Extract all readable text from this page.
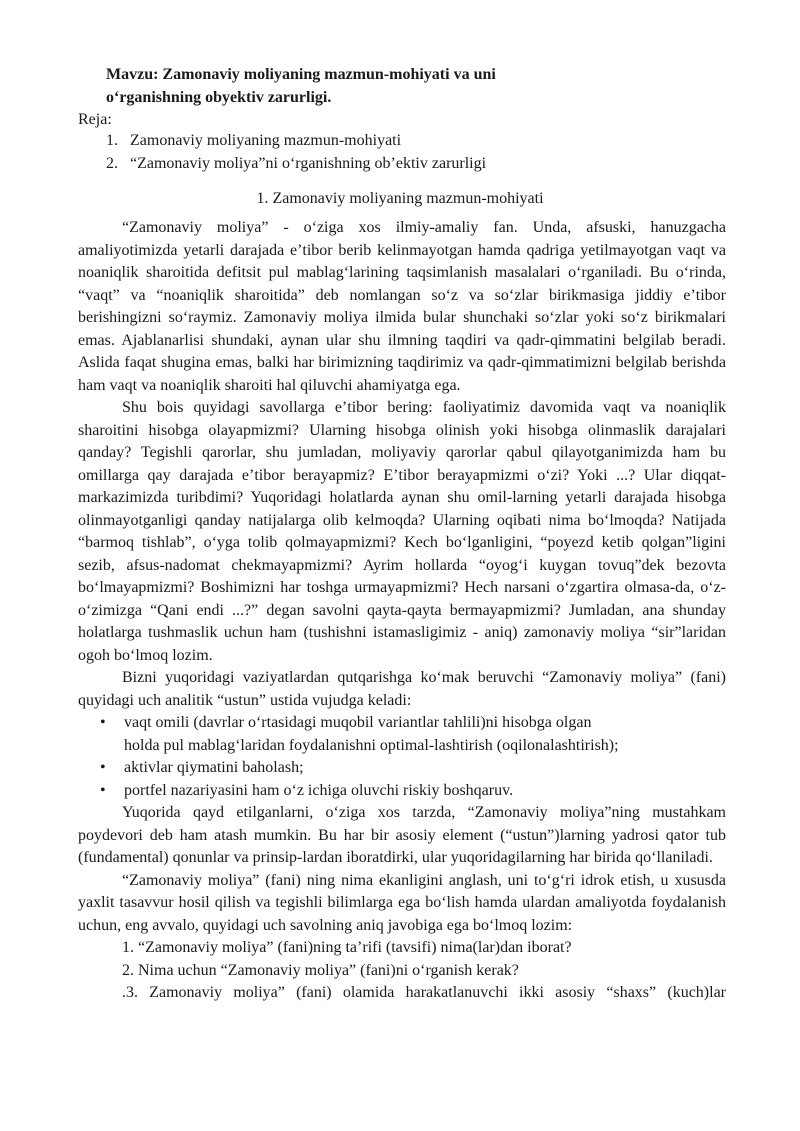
Mavzu: Zamonaviy moliyaning mazmun-mohiyati va uni
oʻrganishning obyektiv zarurligi.
Reja:
1. Zamonaviy moliyaning mazmun-mohiyati
2. “Zamonaviy moliya”ni oʻrganishning obʼektiv zarurligi
1. Zamonaviy moliyaning mazmun-mohiyati

“Zamonaviy moliya” - oʻziga xos ilmiy-amaliy fan. Unda, afsuski, hanuzgacha amaliyotimizda yetarli darajada eʼtibor berib kelinmayotgan hamda qadriga yetilmayotgan vaqt va noaniqlik sharoitida defitsit pul mablagʻlarining taqsimlanish masalalari oʻrganiladi. Bu oʻrinda, “vaqt” va “noaniqlik sharoitida” deb nomlangan soʻz va soʻzlar birikmasiga jiddiy eʼtibor berishingizni soʻraymiz. Zamonaviy moliya ilmida bular shunchaki soʻzlar yoki soʻz birikmalari emas. Ajablanarlisi shundaki, aynan ular shu ilmning taqdiri va qadr-qimmatini belgilab beradi. Aslida faqat shugina emas, balki har birimizning taqdirimiz va qadr-qimmatimizni belgilab berishda ham vaqt va noaniqlik sharoiti hal qiluvchi ahamiyatga ega.

Shu bois quyidagi savollarga eʼtibor bering: faoliyatimiz davomida vaqt va noaniqlik sharoitini hisobga olayapmizmi? Ularning hisobga olinish yoki hisobga olinmaslik darajalari qanday? Tegishli qarorlar, shu jumladan, moliyaviy qarorlar qabul qilayotganimizda ham bu omillarga qay darajada eʼtibor berayapmiz? Eʼtibor berayapmizmi oʻzi? Yoki ...? Ular diqqat-markazimizda turibdimi? Yuqoridagi holatlarda aynan shu omil-larning yetarli darajada hisobga olinmayotganligi qanday natijalarga olib kelmoqda? Ularning oqibati nima boʻlmoqda? Natijada “barmoq tishlab”, oʻyga tolib qolmayapmizmi? Kech boʻlganligini, “poyezd ketib qolgan”ligini sezib, afsus-nadomat chekmayapmizmi? Ayrim hollarda “oyogʻi kuygan tovuq”dek bezovta boʻlmayapmizmi? Boshimizni har toshga urmayapmizmi? Hech narsani oʻzgartira olmasa-da, oʻz-oʻzimizga “Qani endi ...?” degan savolni qayta-qayta bermayapmizmi? Jumladan, ana shunday holatlarga tushmaslik uchun ham (tushishni istamasligimiz - aniq) zamonaviy moliya “sir”laridan ogoh boʻlmoq lozim.

Bizni yuqoridagi vaziyatlardan qutqarishga koʻmak beruvchi “Zamonaviy moliya” (fani) quyidagi uch analitik “ustun” ustida vujudga keladi:

• vaqt omili (davrlar oʻrtasidagi muqobil variantlar tahlili)ni hisobga olgan
holda pul mablagʻlaridan foydalanishni optimal-lashtirish (oqilonalashtirish);
• aktivlar qiymatini baholash;
• portfel nazariyasini ham oʻz ichiga oluvchi riskiy boshqaruv.

Yuqorida qayd etilganlarni, oʻziga xos tarzda, “Zamonaviy moliya”ning mustahkam poydevori deb ham atash mumkin. Bu har bir asosiy element (“ustun”)larning yadrosi qator tub (fundamental) qonunlar va prinsip-lardan iboratdirki, ular yuqoridagilarning har birida qoʻllaniladi.

“Zamonaviy moliya” (fani) ning nima ekanligini anglash, uni toʻgʻri idrok etish, u xususda yaxlit tasavvur hosil qilish va tegishli bilimlarga ega boʻlish hamda ulardan amaliyotda foydalanish uchun, eng avvalo, quyidagi uch savolning aniq javobiga ega boʻlmoq lozim:

1. “Zamonaviy moliya” (fani)ning taʼrifi (tavsifi) nima(lar)dan iborat?
2. Nima uchun “Zamonaviy moliya” (fani)ni oʻrganish kerak?
.3. Zamonaviy moliya” (fani) olamida harakatlanuvchi ikki asosiy “shaxs” (kuch)lar
